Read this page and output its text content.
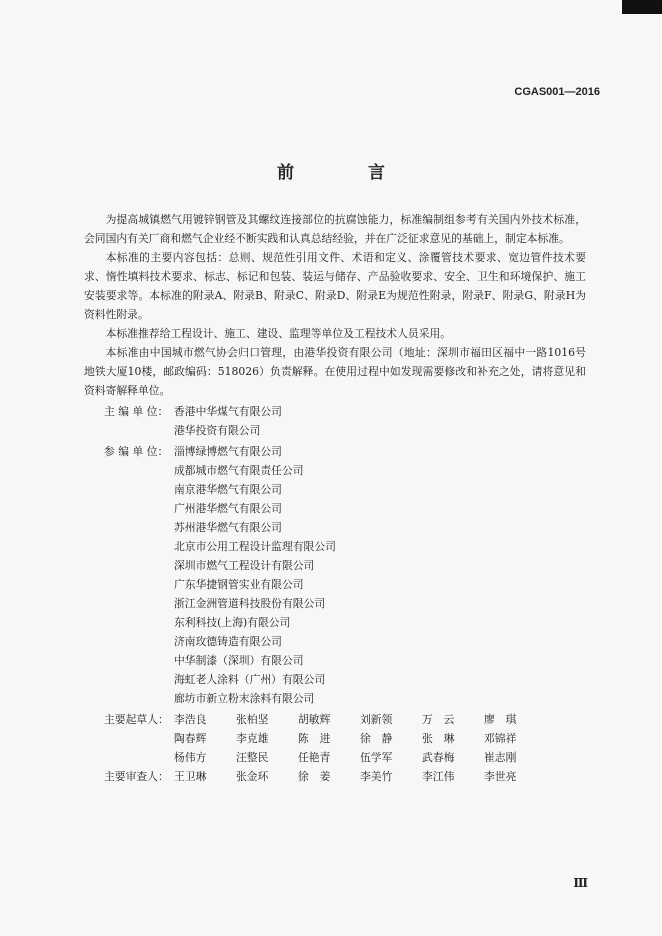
CGAS001—2016
前 言

为提高城镇燃气用镀锌钢管及其螺纹连接部位的抗腐蚀能力，标准编制组参考有关国内外技术标准，会同国内有关厂商和燃气企业经不断实践和认真总结经验，并在广泛征求意见的基础上，制定本标准。

本标准的主要内容包括：总则、规范性引用文件、术语和定义、涂覆管技术要求、宽边管件技术要求、惰性填料技术要求、标志、标记和包装、装运与储存、产品验收要求、安全、卫生和环境保护、施工安装要求等。本标准的附录A、附录B、附录C、附录D、附录E为规范性附录，附录F、附录G、附录H为资料性附录。

本标准推荐给工程设计、施工、建设、监理等单位及工程技术人员采用。

本标准由中国城市燃气协会归口管理，由港华投资有限公司（地址：深圳市福田区福中一路1016号地铁大厦10楼，邮政编码：518026）负责解释。在使用过程中如发现需要修改和补充之处，请将意见和资料寄解释单位。

主 编 单 位： 香港中华煤气有限公司
港华投资有限公司
参 编 单 位： 淄博绿博燃气有限公司
成都城市燃气有限责任公司
南京港华燃气有限公司
广州港华燃气有限公司
苏州港华燃气有限公司
北京市公用工程设计监理有限公司
深圳市燃气工程设计有限公司
广东华捷钢管实业有限公司
浙江金洲管道科技股份有限公司
东利科技(上海)有限公司
济南玫德铸造有限公司
中华制漆（深圳）有限公司
海虹老人涂料（广州）有限公司
廊坊市新立粉末涂料有限公司
主要起草人： 李浩良	张柏坚	胡敏辉	刘新领	万　云	廖　琪
陶春辉	李克雄	陈　进	徐　静	张　琳	邓锦祥
杨伟方	汪整民	任艳青	伍学军	武春梅	崔志刚
主要审查人： 王卫琳	张金环	徐　姜	李美竹	李江伟	李世亮
Ⅲ
